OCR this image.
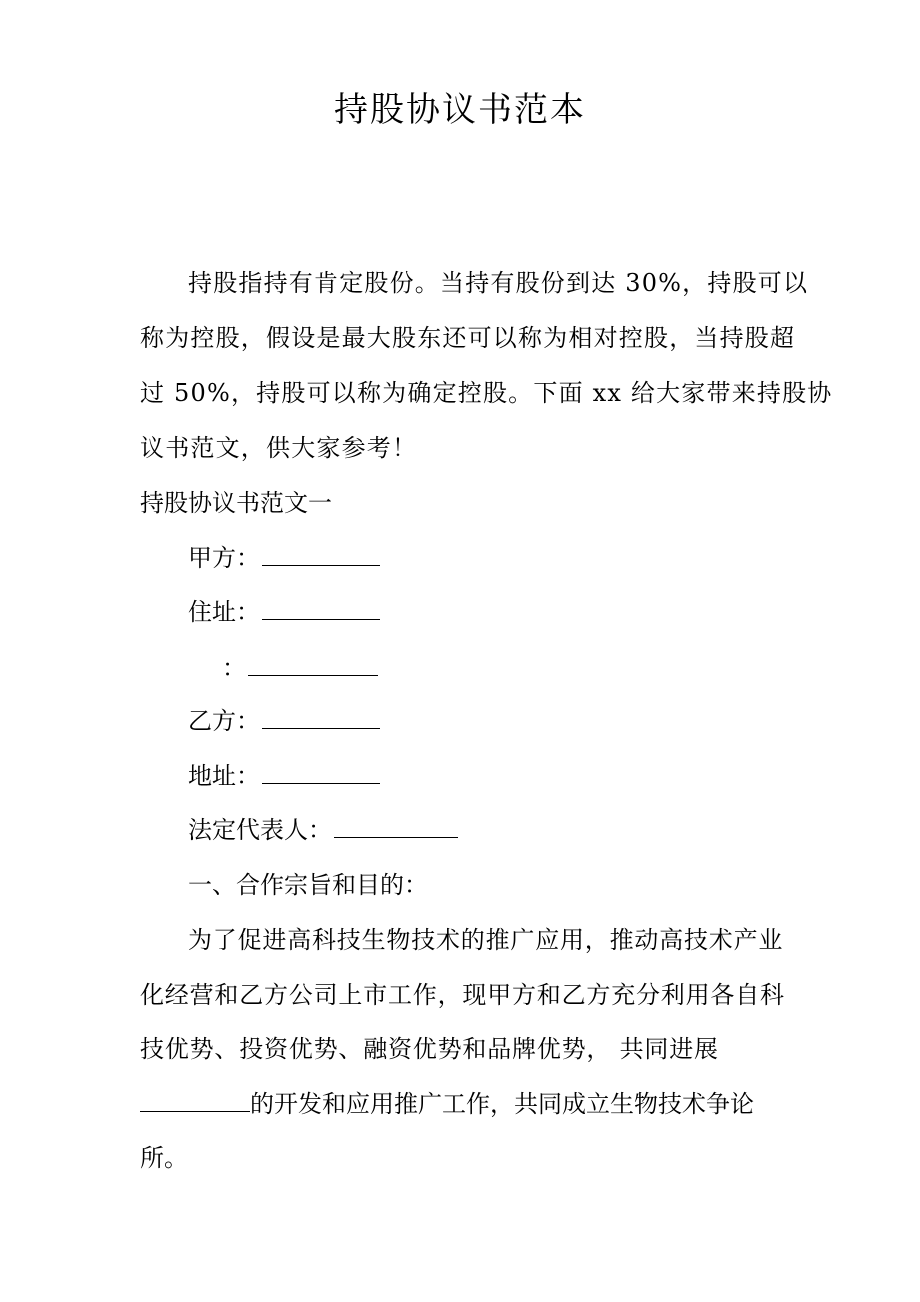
持股协议书范本
持股指持有肯定股份。当持有股份到达 30%，持股可以
称为控股，假设是最大股东还可以称为相对控股，当持股超
过 50%，持股可以称为确定控股。下面 xx 给大家带来持股协
议书范文，供大家参考！
持股协议书范文一
甲方：
住址：
：
乙方：
地址：
法定代表人：
一、合作宗旨和目的：
为了促进高科技生物技术的推广应用，推动高技术产业
化经营和乙方公司上市工作，现甲方和乙方充分利用各自科
技优势、投资优势、融资优势和品牌优势， 共同进展
的开发和应用推广工作，共同成立生物技术争论
所。
